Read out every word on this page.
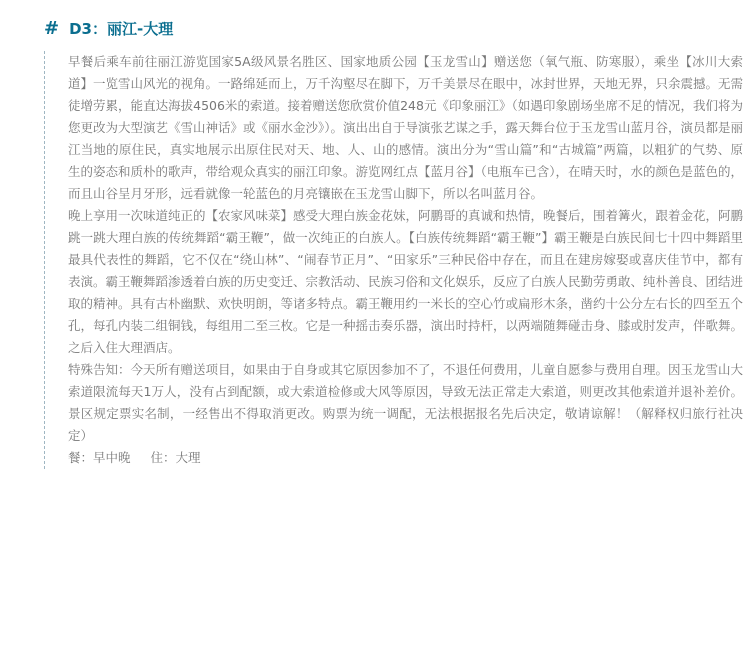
# D3：丽江-大理

早餐后乘车前往丽江游览国家5A级风景名胜区、国家地质公园【玉龙雪山】赠送您（氧气瓶、防寒服），乘坐【冰川大索道】一览雪山风光的视角。一路绵延而上，万千沟壑尽在脚下，万千美景尽在眼中，冰封世界，天地无界，只余震撼。无需徒增劳累，能直达海拔4506米的索道。接着赠送您欣赏价值248元《印象丽江》（如遇印象剧场坐席不足的情况，我们将为您更改为大型演艺《雪山神话》或《丽水金沙》）。演出出自于导演张艺谋之手，露天舞台位于玉龙雪山蓝月谷，演员都是丽江当地的原住民，真实地展示出原住民对天、地、人、山的感情。演出分为“雪山篇”和“古城篇”两篇，以粗犷的气势、原生的姿态和质朴的歌声，带给观众真实的丽江印象。游览网红点【蓝月谷】（电瓶车已含），在晴天时，水的颜色是蓝色的，而且山谷呈月牙形，远看就像一轮蓝色的月亮镶嵌在玉龙雪山脚下，所以名叫蓝月谷。

晚上享用一次味道纯正的【农家风味菜】感受大理白族金花妹，阿鹏哥的真诚和热情，晚餐后，围着篝火，跟着金花，阿鹏跳一跳大理白族的传统舞蹈“霸王鞭”，做一次纯正的白族人。【白族传统舞蹈“霸王鞭”】霸王鞭是白族民间七十四中舞蹈里最具代表性的舞蹈，它不仅在“绕山林”、“闹春节正月”、“田家乐”三种民俗中存在，而且在建房嫁娶或喜庆佳节中，都有表演。霸王鞭舞蹈渗透着白族的历史变迁、宗教活动、民族习俗和文化娱乐，反应了白族人民勤劳勇敢、纯朴善良、团结进取的精神。具有古朴幽默、欢快明朗，等诸多特点。霸王鞭用约一米长的空心竹或扁形木条，凿约十公分左右长的四至五个孔，每孔内装二组铜钱，每组用二至三枚。它是一种摇击奏乐器，演出时持杆，以两端随舞碰击身、膝或肘发声，伴歌舞。

之后入住大理酒店。

特殊告知：今天所有赠送项目，如果由于自身或其它原因参加不了，不退任何费用，儿童自愿参与费用自理。因玉龙雪山大索道限流每天1万人，没有占到配额，或大索道检修或大风等原因，导致无法正常走大索道，则更改其他索道并退补差价。景区规定票实名制，一经售出不得取消更改。购票为统一调配，无法根据报名先后决定，敬请谅解！（解释权归旅行社决定）

餐：早中晚 住：大理
